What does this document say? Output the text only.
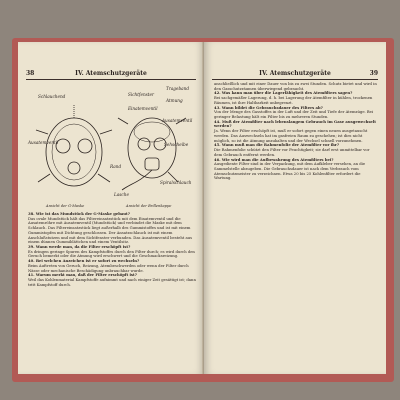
38	IV. Atemschutzgeräte
Schlauchend
Ausatemventil
Sichtfenster
Einatemventil
Trageband
Atmung
Ausatemventil
Sehscheibe
Rand
Spiralschlauch
Lasche
Ansicht der G-Maske	Ansicht der Brillenkappe

38. Wie ist das Mundstück der G-Maske gebaut?
Das ovale Mundstück hält das Filtereinsatzstück mit dem Einatemventil und die Ausatemröhre mit Ausatemventil (Mundstück) und verbindet die Maske mit dem Schlauch. Das Filtereinsatzstück liegt außerhalb des Gummistoffes und ist mit einem Gummistopfen mit Dichtung geschlossen. Der Ansatzschlauch ist mit einem Anschlußstutzen und mit dem Sichtfenster verbunden. Das Ausatemventil besteht aus einem dünnen Gummiblättchen und einem Ventilsitz.

39. Wann werde man, da die Filter erschöpft ist?
Es dringen geringe Spuren des Kampfstoffes durch den Filter durch; es wird durch den Geruch bemerkt oder die Atmung wird erschwert und die Geschmacksreizung.

40. Bei welchen Anzeichen ist er sofort zu wechseln?
Beim Auftreten von Geruch, Reizung, Atembeschwerden oder wenn der Filter durch Nässe oder mechanische Beschädigung unbrauchbar wurde.

41. Warum merkt man, daß der Filter erschöpft ist?
Weil das Kohlenmaterial Kampfstoffe aufnimmt und nach einiger Zeit gesättigt ist; dann tritt Kampfstoff durch.

IV. Atemschutzgeräte	39

anschließlich und mit einer Dauer von bis zu zwei Stunden. Schutz bietet und wird in den Gasschutzräumen überwiegend gebraucht.

42. Was kann man über die Lagerfähigkeit des Atemfilters sagen?
Bei sachgemäßer Lagerung, d. h. bei Lagerung der Atemfilter in kühlen, trockenen Räumen, ist ihre Haltbarkeit unbegrenzt.

43. Wann bildet die Gebrauchsdauer des Filters ab?
Von der Menge des Gasstoffes in der Luft und der Zeit und Tiefe der Atemzüge. Bei geringer Belastung hält ein Filter bis zu mehreren Stunden.

44. Muß der Atemfilter nach lebenslangem Gebrauch im Gase ausgewechselt werden?
Ja. Wenn der Filter erschöpft ist, muß er sofort gegen einen neuen ausgetauscht werden. Das Auswechseln hat im gasfreien Raum zu geschehen; ist dies nicht möglich, so ist die Atmung anzuhalten und der Wechsel schnell vorzunehmen.

45. Wann muß man die Rahmenfolie der Atemfilter vor ihr?
Die Rahmenfolie schützt den Filter vor Feuchtigkeit; sie darf erst unmittelbar vor dem Gebrauch entfernt werden.

46. Wie wird man die Aufbewahrung des Atemfilters bei?
Ausgediente Filter sind in der Verpackung, mit dem Aufkleber versehen, an die Sammelstelle abzugeben. Die Gebrauchsdauer ist nach dem Verbrauch vom Atemschutzmeister zu verzeichnen. Etwa 20 bis 25 Kohlenfilter erfordert die Wartung.
